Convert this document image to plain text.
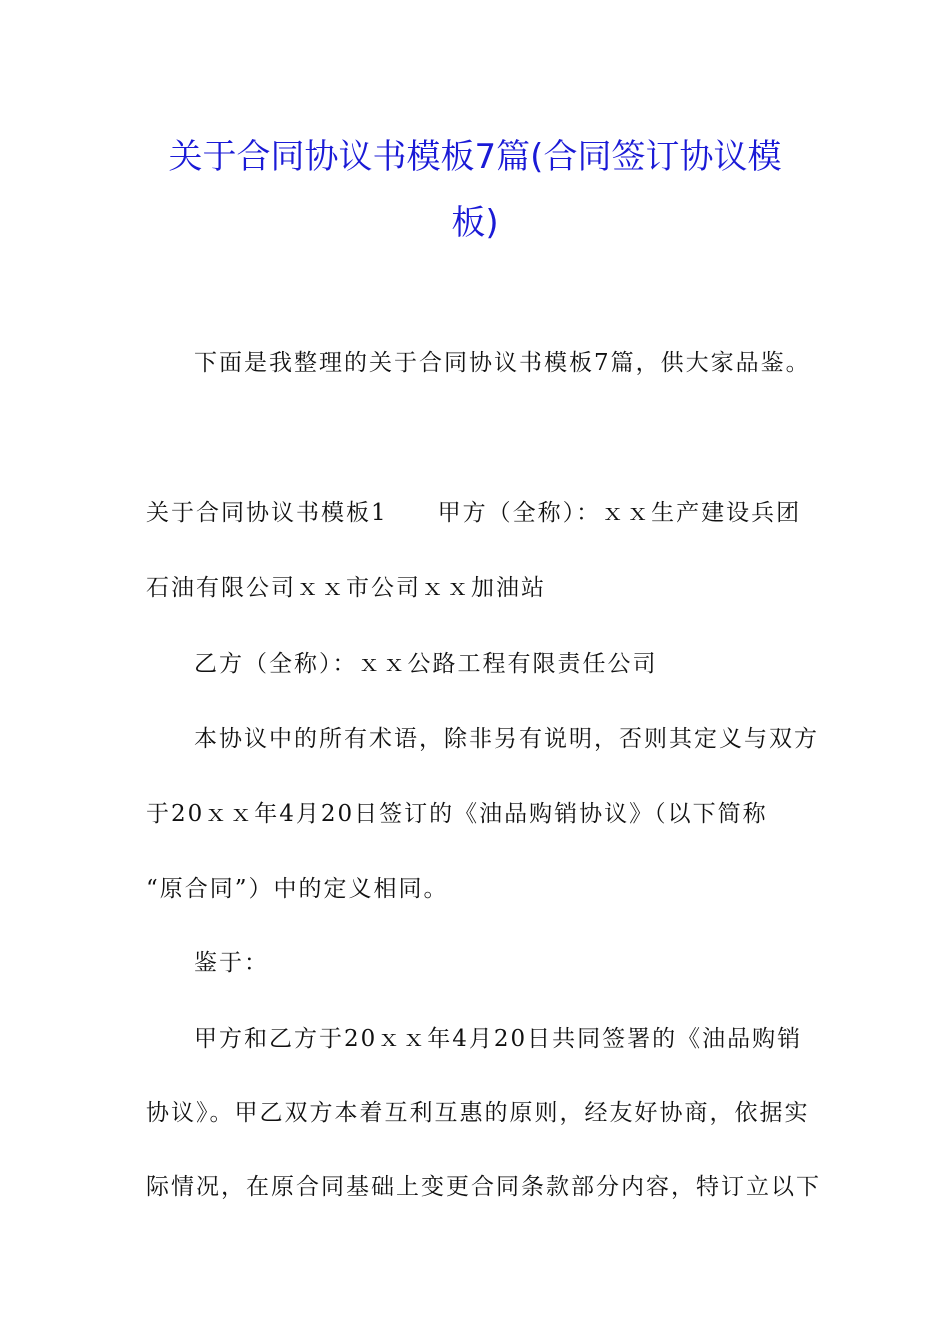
关于合同协议书模板7篇(合同签订协议模
板)
下面是我整理的关于合同协议书模板7篇，供大家品鉴。
关于合同协议书模板1　　甲方（全称）：ｘｘ生产建设兵团
石油有限公司ｘｘ市公司ｘｘ加油站
乙方（全称）：ｘｘ公路工程有限责任公司
本协议中的所有术语，除非另有说明，否则其定义与双方
于20ｘｘ年4月20日签订的《油品购销协议》（以下简称
“原合同”）中的定义相同。
鉴于：
甲方和乙方于20ｘｘ年4月20日共同签署的《油品购销
协议》。甲乙双方本着互利互惠的原则，经友好协商，依据实
际情况，在原合同基础上变更合同条款部分内容，特订立以下
